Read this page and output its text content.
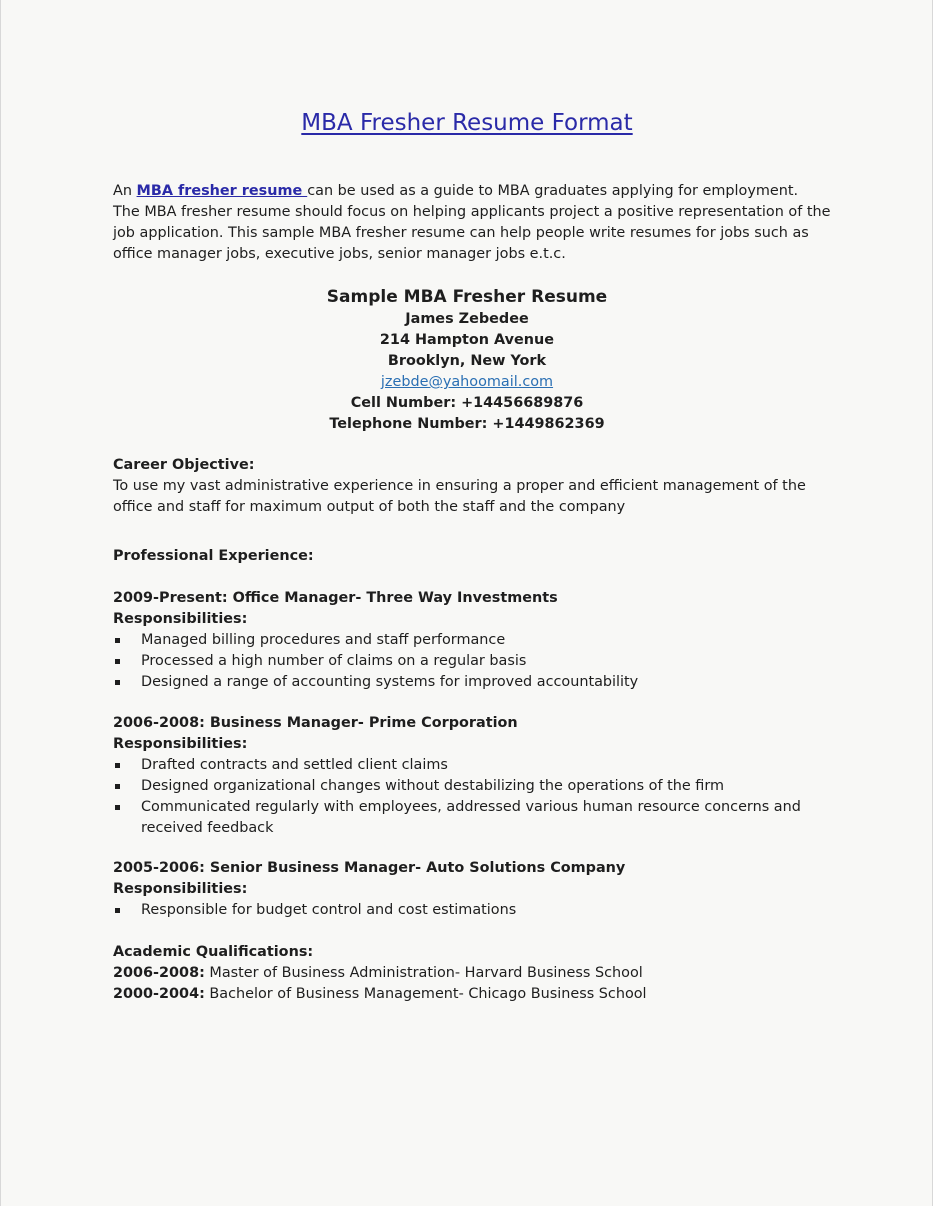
MBA Fresher Resume Format

An MBA fresher resume can be used as a guide to MBA graduates applying for employment.

The MBA fresher resume should focus on helping applicants project a positive representation of the job application. This sample MBA fresher resume can help people write resumes for jobs such as office manager jobs, executive jobs, senior manager jobs e.t.c.

Sample MBA Fresher Resume
James Zebedee
214 Hampton Avenue
Brooklyn, New York
jzebde@yahoomail.com
Cell Number: +14456689876
Telephone Number: +1449862369
Career Objective:
To use my vast administrative experience in ensuring a proper and efficient management of the office and staff for maximum output of both the staff and the company
Professional Experience:
2009-Present: Office Manager- Three Way Investments
Responsibilities:
Managed billing procedures and staff performance
Processed a high number of claims on a regular basis
Designed a range of accounting systems for improved accountability
2006-2008: Business Manager- Prime Corporation
Responsibilities:
Drafted contracts and settled client claims
Designed organizational changes without destabilizing the operations of the firm
Communicated regularly with employees, addressed various human resource concerns and received feedback
2005-2006: Senior Business Manager- Auto Solutions Company
Responsibilities:
Responsible for budget control and cost estimations
Academic Qualifications:
2006-2008: Master of Business Administration- Harvard Business School
2000-2004: Bachelor of Business Management- Chicago Business School
